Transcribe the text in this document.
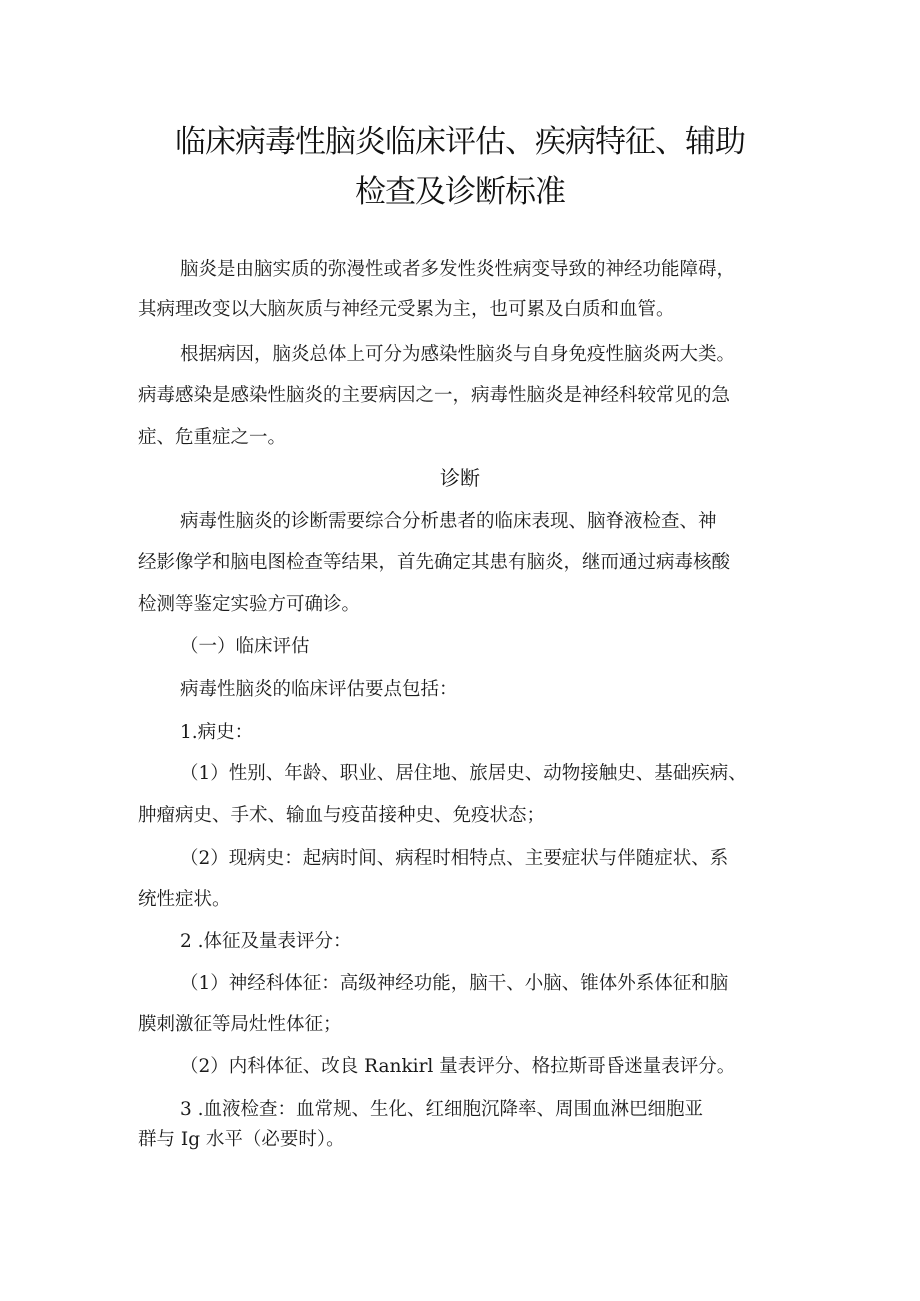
临床病毒性脑炎临床评估、疾病特征、辅助
检查及诊断标准
脑炎是由脑实质的弥漫性或者多发性炎性病变导致的神经功能障碍，
其病理改变以大脑灰质与神经元受累为主，也可累及白质和血管。
根据病因，脑炎总体上可分为感染性脑炎与自身免疫性脑炎两大类。
病毒感染是感染性脑炎的主要病因之一，病毒性脑炎是神经科较常见的急
症、危重症之一。
诊断
病毒性脑炎的诊断需要综合分析患者的临床表现、脑脊液检查、神
经影像学和脑电图检查等结果，首先确定其患有脑炎，继而通过病毒核酸
检测等鉴定实验方可确诊。
（一）临床评估
病毒性脑炎的临床评估要点包括：
1.病史：
（1）性别、年龄、职业、居住地、旅居史、动物接触史、基础疾病、
肿瘤病史、手术、输血与疫苗接种史、免疫状态；
（2）现病史：起病时间、病程时相特点、主要症状与伴随症状、系
统性症状。
2 .体征及量表评分：
（1）神经科体征：高级神经功能，脑干、小脑、锥体外系体征和脑
膜刺激征等局灶性体征；
（2）内科体征、改良 Rankirl 量表评分、格拉斯哥昏迷量表评分。
3 .血液检查：血常规、生化、红细胞沉降率、周围血淋巴细胞亚
群与 Ig 水平（必要时）。
